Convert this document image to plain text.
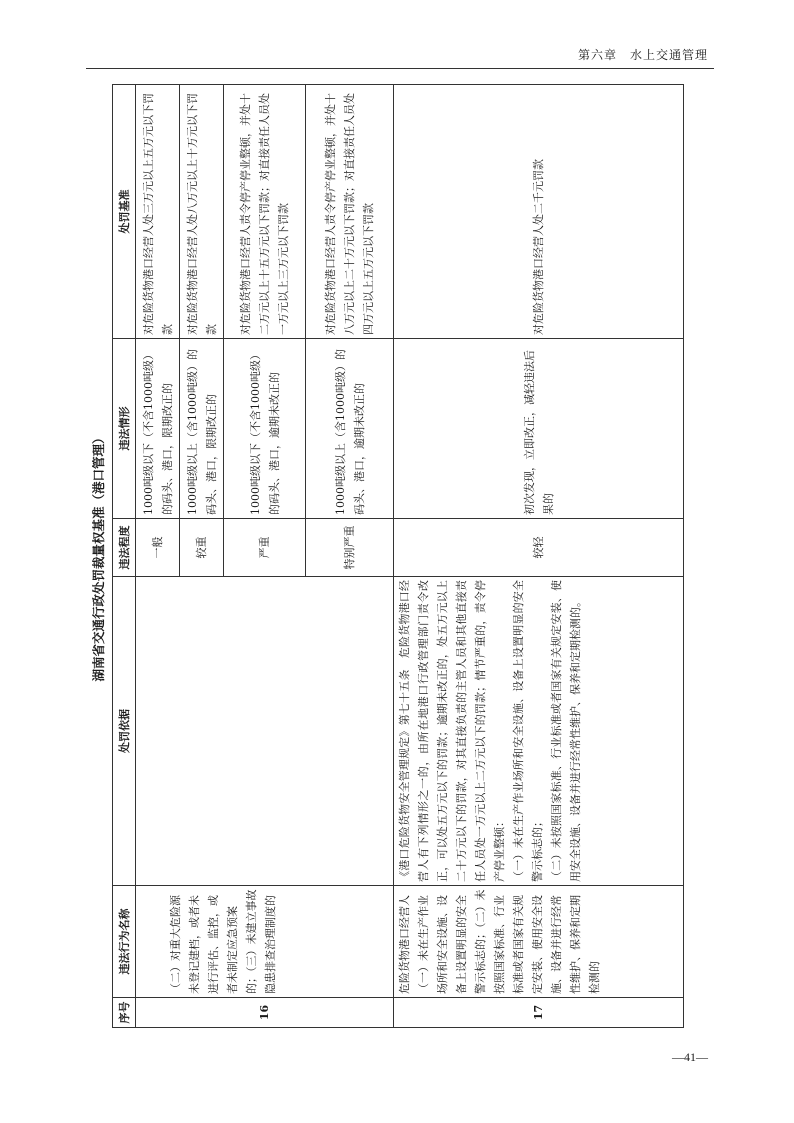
第六章　水上交通管理
湖南省交通行政处罚裁量权基准（港口管理）
序号	违法行为名称	处罚依据	违法程度	违法情形	处罚基准
16	（二）对重大危险源未登记建档，或者未进行评估、监控，或者未制定应急预案的；（三）未建立事故隐患排查治理制度的		一般	1000吨级以下（不含1000吨级）的码头、港口，限期改正的	对危险货物港口经营人处三万元以上五万元以下罚款
			较重	1000吨级以上（含1000吨级）的码头、港口，限期改正的	对危险货物港口经营人处八万元以上十万元以下罚款
			严重	1000吨级以下（不含1000吨级）的码头、港口，逾期未改正的	对危险货物港口经营人责令停产停业整顿，并处十二万元以上十五万元以下罚款；对直接责任人员处一万元以上三万元以下罚款
			特别严重	1000吨级以上（含1000吨级）的码头、港口，逾期未改正的	对危险货物港口经营人责令停产停业整顿，并处十八万元以上二十万元以下罚款；对直接责任人员处四万元以上五万元以下罚款
17	危险货物港口经营人（一）未在生产作业场所和安全设施、设备上设置明显的安全警示标志的；（二）未按照国家标准、行业标准或者国家有关规定安装、使用安全设施、设备并进行经常性维护、保养和定期检测的	《港口危险货物安全管理规定》第七十五条　危险货物港口经营人有下列情形之一的，由所在地港口行政管理部门责令改正，可以处五万元以下的罚款；逾期未改正的，处五万元以上二十万元以下的罚款，对其直接负责的主管人员和其他直接责任人员处一万元以上二万元以下的罚款；情节严重的，责令停产停业整顿： （一）未在生产作业场所和安全设施、设备上设置明显的安全警示标志的； （二）未按照国家标准、行业标准或者国家有关规定安装、使用安全设施、设备并进行经常性维护、保养和定期检测的。	较轻	初次发现，立即改正，减轻违法后果的	对危险货物港口经营人处二千元罚款
—41—
